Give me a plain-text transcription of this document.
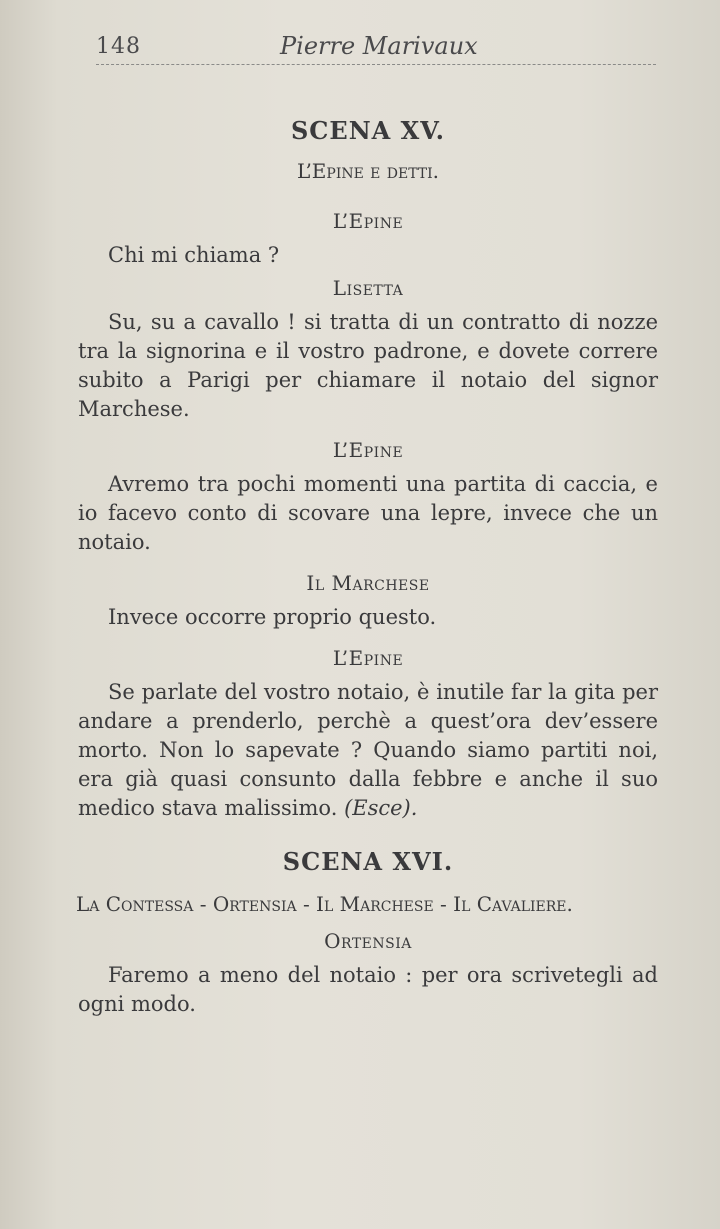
148	Pierre Marivaux
SCENA XV.

L’Epine e detti.

L’Epine

Chi mi chiama ?

Lisetta

Su, su a cavallo ! si tratta di un contratto di nozze tra la signorina e il vostro padrone, e dovete correre subito a Parigi per chiamare il notaio del signor Marchese.

L’Epine

Avremo tra pochi momenti una partita di caccia, e io facevo conto di scovare una lepre, invece che un notaio.

Il Marchese

Invece occorre proprio questo.

L’Epine

Se parlate del vostro notaio, è inutile far la gita per andare a prenderlo, perchè a quest’ora dev’essere morto. Non lo sapevate ? Quando siamo partiti noi, era già quasi consunto dalla febbre e anche il suo medico stava malissimo. (Esce).

SCENA XVI.

La Contessa - Ortensia - Il Marchese - Il Cavaliere.

Ortensia

Faremo a meno del notaio : per ora scrivetegli ad ogni modo.
